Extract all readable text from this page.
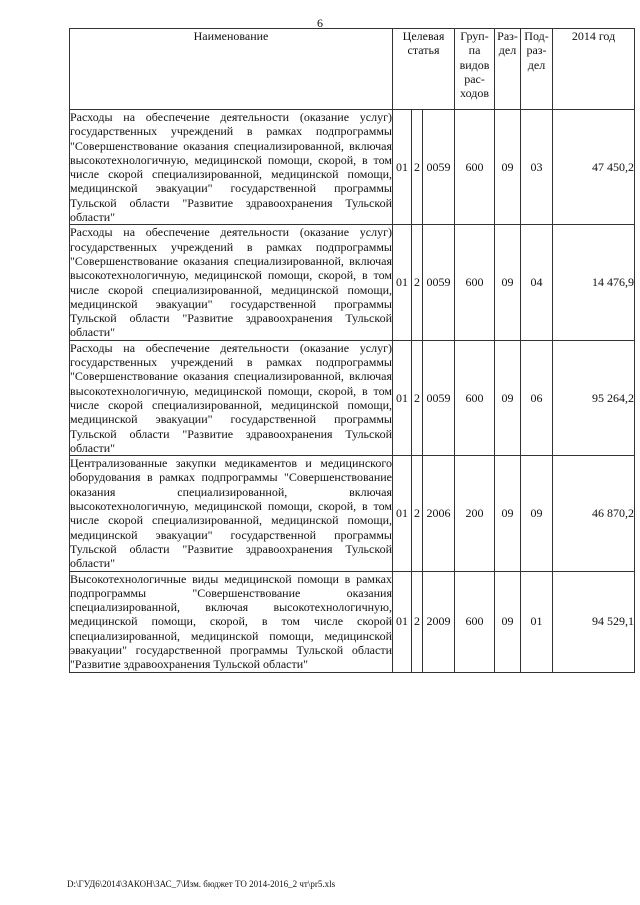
6
Наименование	Целевая статья			Груп-па видов рас-ходов	Раз-дел	Под-раз-дел	2014 год
Расходы на обеспечение деятельности (оказание услуг) государственных учреждений в рамках подпрограммы "Совершенствование оказания специализированной, включая высокотехнологичную, медицинской помощи, скорой, в том числе скорой специализированной, медицинской помощи, медицинской эвакуации" государственной программы Тульской области "Развитие здравоохранения Тульской области"	01	2	0059	600	09	03	47 450,2
Расходы на обеспечение деятельности (оказание услуг) государственных учреждений в рамках подпрограммы "Совершенствование оказания специализированной, включая высокотехнологичную, медицинской помощи, скорой, в том числе скорой специализированной, медицинской помощи, медицинской эвакуации" государственной программы Тульской области "Развитие здравоохранения Тульской области"	01	2	0059	600	09	04	14 476,9
Расходы на обеспечение деятельности (оказание услуг) государственных учреждений в рамках подпрограммы "Совершенствование оказания специализированной, включая высокотехнологичную, медицинской помощи, скорой, в том числе скорой специализированной, медицинской помощи, медицинской эвакуации" государственной программы Тульской области "Развитие здравоохранения Тульской области"	01	2	0059	600	09	06	95 264,2
Централизованные закупки медикаментов и медицинского оборудования в рамках подпрограммы "Совершенствование оказания специализированной, включая высокотехнологичную, медицинской помощи, скорой, в том числе скорой специализированной, медицинской помощи, медицинской эвакуации" государственной программы Тульской области "Развитие здравоохранения Тульской области"	01	2	2006	200	09	09	46 870,2
Высокотехнологичные виды медицинской помощи в рамках подпрограммы "Совершенствование оказания специализированной, включая высокотехнологичную, медицинской помощи, скорой, в том числе скорой специализированной, медицинской помощи, медицинской эвакуации" государственной программы Тульской области "Развитие здравоохранения Тульской области"	01	2	2009	600	09	01	94 529,1
D:\ГУД6\2014\ЗАКОН\ЗАС_7\Изм. бюджет ТО 2014-2016_2 чт\pr5.xls
